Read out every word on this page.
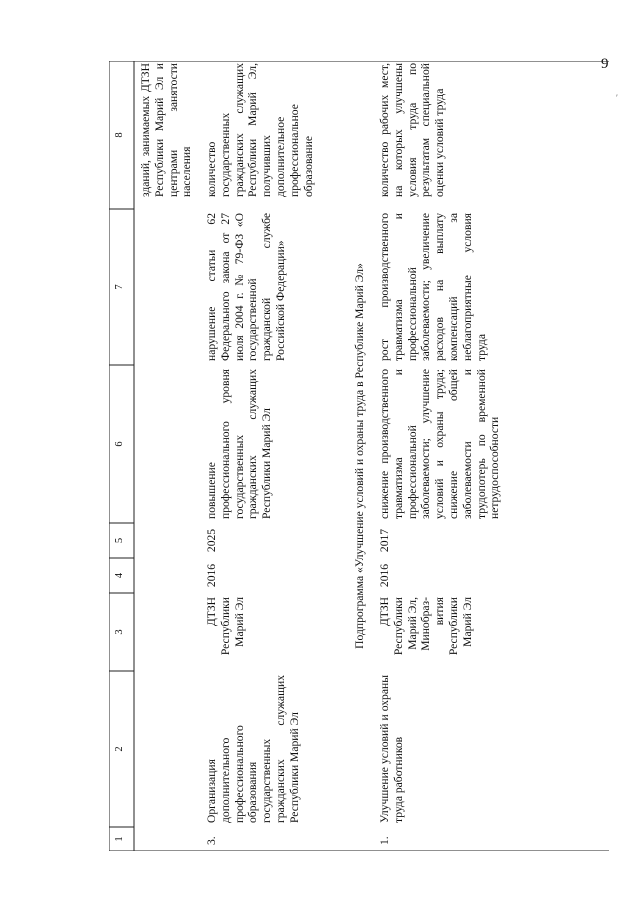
9
′
1
2
3
4
5
6
7
8 зданий, занимаемых ДТЗН Республики Марий Эл и центрами занятости населения
3.
Организация дополнительного профессионального образования государственных гражданских служащих Республики Марий Эл
ДТЗН Республики Марий Эл
2016
2025
повышение профессионального уровня государственных гражданских служащих Республики Марий Эл
нарушение статьи 62 Федерального закона от 27 июля 2004 г. № 79-ФЗ «О государственной гражданской службе Российской Федерации»
количество государственных гражданских служащих Республики Марий Эл, получивших дополнительное профессиональное образование
Подпрограмма «Улучшение условий и охраны труда в Республике Марий Эл»
1.
Улучшение условий и охраны труда работников
ДТЗН Республики Марий Эл, Минобраз- вития Республики Марий Эл
2016
2017
снижение производственного травматизма и профессиональной заболеваемости; улучшение условий и охраны труда; снижение общей заболеваемости и трудопотерь по временной нетрудоспособности
рост производственного травматизма и профессиональной заболеваемости; увеличение расходов на выплату компенсаций за неблагоприятные условия труда
количество рабочих мест, на которых улучшены условия труда по результатам специальной оценки условий труда
